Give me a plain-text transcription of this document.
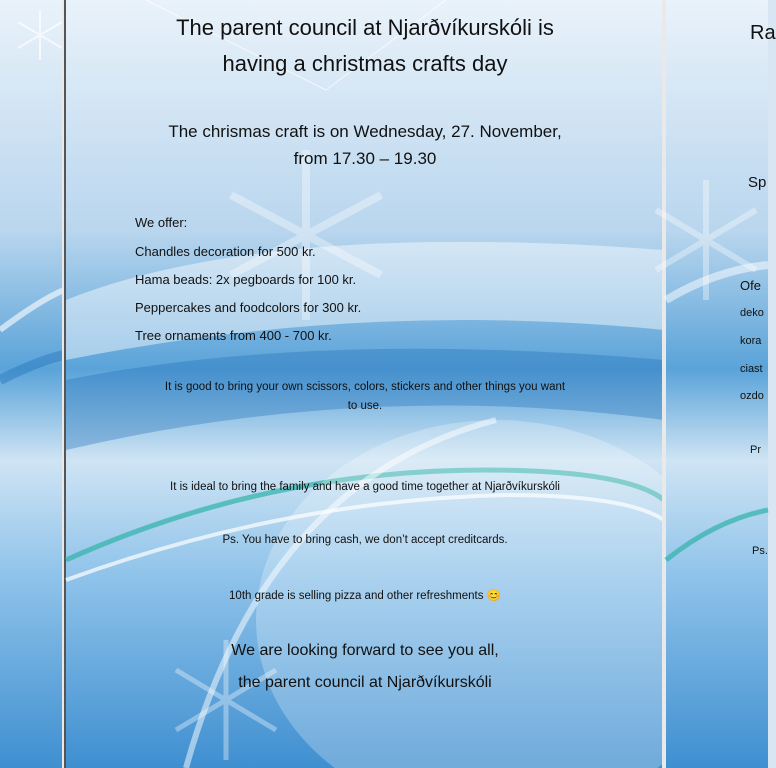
The parent council at Njarðvíkurskóli is
having a christmas crafts day
The chrismas craft is on Wednesday, 27. November,
from 17.30 – 19.30
We offer:
Chandles decoration for 500 kr.
Hama beads: 2x pegboards for 100 kr.
Peppercakes and foodcolors for 300 kr.
Tree ornaments from 400 - 700 kr.
It is good to bring your own scissors, colors, stickers and other things you want
to use.
It is ideal to bring the family and have a good time together at Njarðvíkurskóli
Ps. You have to bring cash, we don’t accept creditcards.
10th grade is selling pizza and other refreshments 😊
We are looking forward to see you all,
the parent council at Njarðvíkurskóli
Ra
Sp
Ofe
deko
kora
ciast
ozdo
Pr
Ps.
